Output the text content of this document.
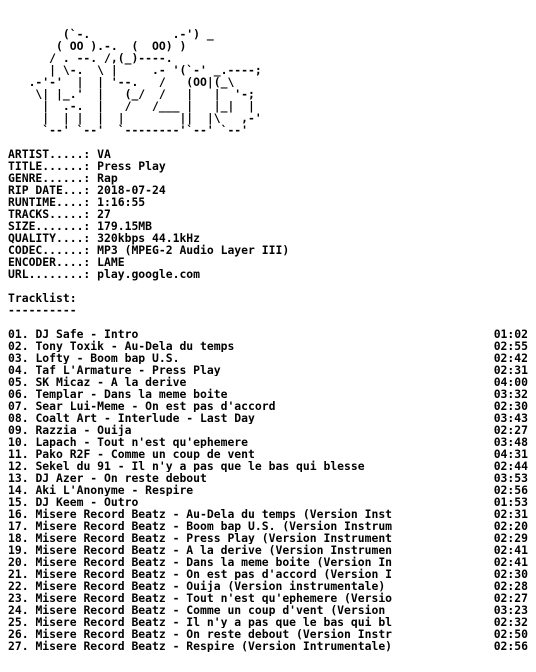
(`-.            .-') _
( OO ).-.  (  OO) )
/ . --. /,(_)----.
| \-.  \ |     .- '(`-' _.----;
.-'-'  |  | '--.   /   (OO|(_\
\| |_.'  |   (_/  /   |   |  '-;
|  .-.  |   /   /___ |   |_|  |
|  | |  |  |        ||  |\   ,-'
`--' `--'  `--------'`--' `--'

ARTIST.....: VA
TITLE......: Press Play
GENRE......: Rap
RIP DATE...: 2018-07-24
RUNTIME....: 1:16:55
TRACKS.....: 27
SIZE.......: 179.15MB
QUALITY....: 320kbps 44.1kHz
CODEC......: MP3 (MPEG-2 Audio Layer III)
ENCODER....: LAME
URL........: play.google.com
Tracklist:
----------
01. DJ Safe - Intro	01:02
02. Tony Toxik - Au-Dela du temps	02:55
03. Lofty - Boom bap U.S.	02:42
04. Taf L'Armature - Press Play	02:31
05. SK Micaz - A la derive	04:00
06. Templar - Dans la meme boite	03:32
07. Sear Lui-Meme - On est pas d'accord	02:30
08. Coalt Art - Interlude - Last Day	03:43
09. Razzia - Ouija	02:27
10. Lapach - Tout n'est qu'ephemere	03:48
11. Pako R2F - Comme un coup de vent	04:31
12. Sekel du 91 - Il n'y a pas que le bas qui blesse	02:44
13. DJ Azer - On reste debout	03:53
14. Aki L'Anonyme - Respire	02:56
15. DJ Keem - Outro	01:53
16. Misere Record Beatz - Au-Dela du temps (Version Inst	02:31
17. Misere Record Beatz - Boom bap U.S. (Version Instrum	02:20
18. Misere Record Beatz - Press Play (Version Instrument	02:29
19. Misere Record Beatz - A la derive (Version Instrumen	02:41
20. Misere Record Beatz - Dans la meme boite (Version In	02:41
21. Misere Record Beatz - On est pas d'accord (Version I	02:30
22. Misere Record Beatz - Ouija (Version instrumentale)	02:28
23. Misere Record Beatz - Tout n'est qu'ephemere (Versio	02:27
24. Misere Record Beatz - Comme un coup d'vent (Version	03:23
25. Misere Record Beatz - Il n'y a pas que le bas qui bl	02:32
26. Misere Record Beatz - On reste debout (Version Instr	02:50
27. Misere Record Beatz - Respire (Version Intrumentale)	02:56
